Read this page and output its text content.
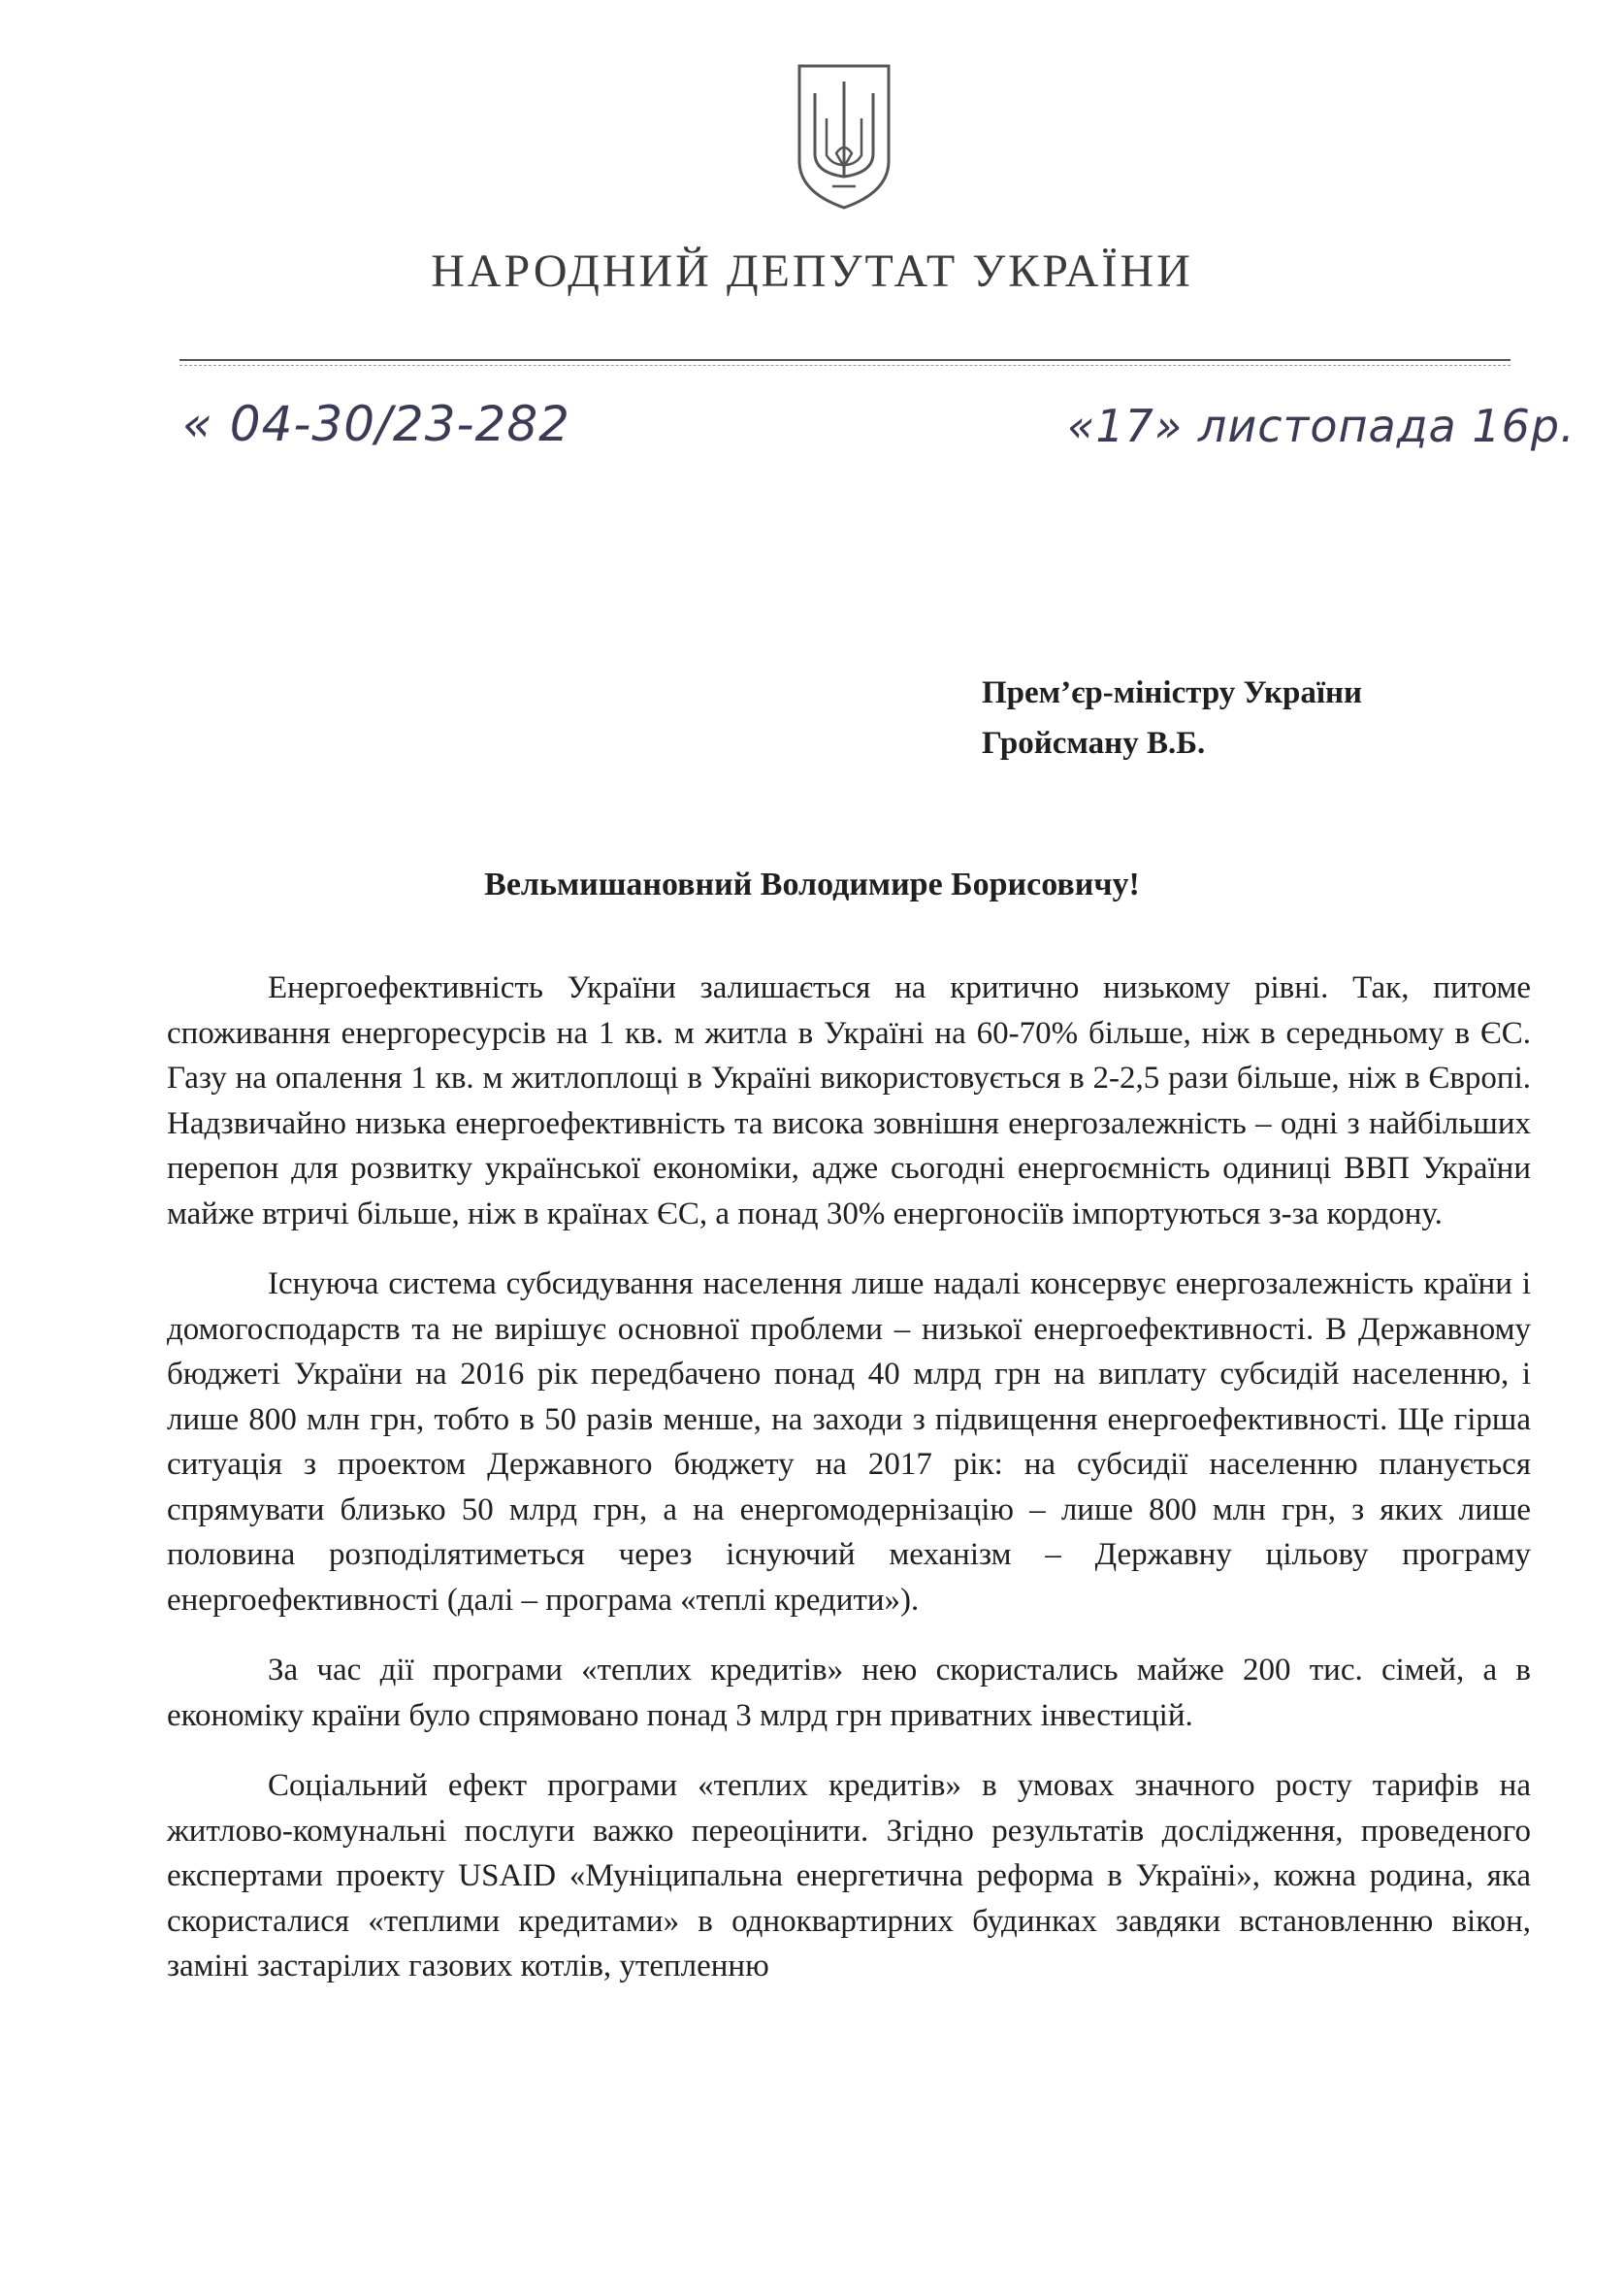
НАРОДНИЙ ДЕПУТАТ УКРАЇНИ
« 04-30/23-282	«17» листопада 16р.
Прем’єр-міністру України
Гройсману В.Б.
Вельмишановний Володимире Борисовичу!

Енергоефективність України залишається на критично низькому рівні. Так, питоме споживання енергоресурсів на 1 кв. м житла в Україні на 60-70% більше, ніж в середньому в ЄС. Газу на опалення 1 кв. м житлоплощі в Україні використовується в 2-2,5 рази більше, ніж в Європі. Надзвичайно низька енергоефективність та висока зовнішня енергозалежність – одні з найбільших перепон для розвитку української економіки, адже сьогодні енергоємність одиниці ВВП України майже втричі більше, ніж в країнах ЄС, а понад 30% енергоносіїв імпортуються з-за кордону.

Існуюча система субсидування населення лише надалі консервує енергозалежність країни і домогосподарств та не вирішує основної проблеми – низької енергоефективності. В Державному бюджеті України на 2016 рік передбачено понад 40 млрд грн на виплату субсидій населенню, і лише 800 млн грн, тобто в 50 разів менше, на заходи з підвищення енергоефективності. Ще гірша ситуація з проектом Державного бюджету на 2017 рік: на субсидії населенню планується спрямувати близько 50 млрд грн, а на енергомодернізацію – лише 800 млн грн, з яких лише половина розподілятиметься через існуючий механізм – Державну цільову програму енергоефективності (далі – програма «теплі кредити»).

За час дії програми «теплих кредитів» нею скористались майже 200 тис. сімей, а в економіку країни було спрямовано понад 3 млрд грн приватних інвестицій.

Соціальний ефект програми «теплих кредитів» в умовах значного росту тарифів на житлово-комунальні послуги важко переоцінити. Згідно результатів дослідження, проведеного експертами проекту USAID «Муніципальна енергетична реформа в Україні», кожна родина, яка скористалися «теплими кредитами» в одноквартирних будинках завдяки встановленню вікон, заміні застарілих газових котлів, утепленню
